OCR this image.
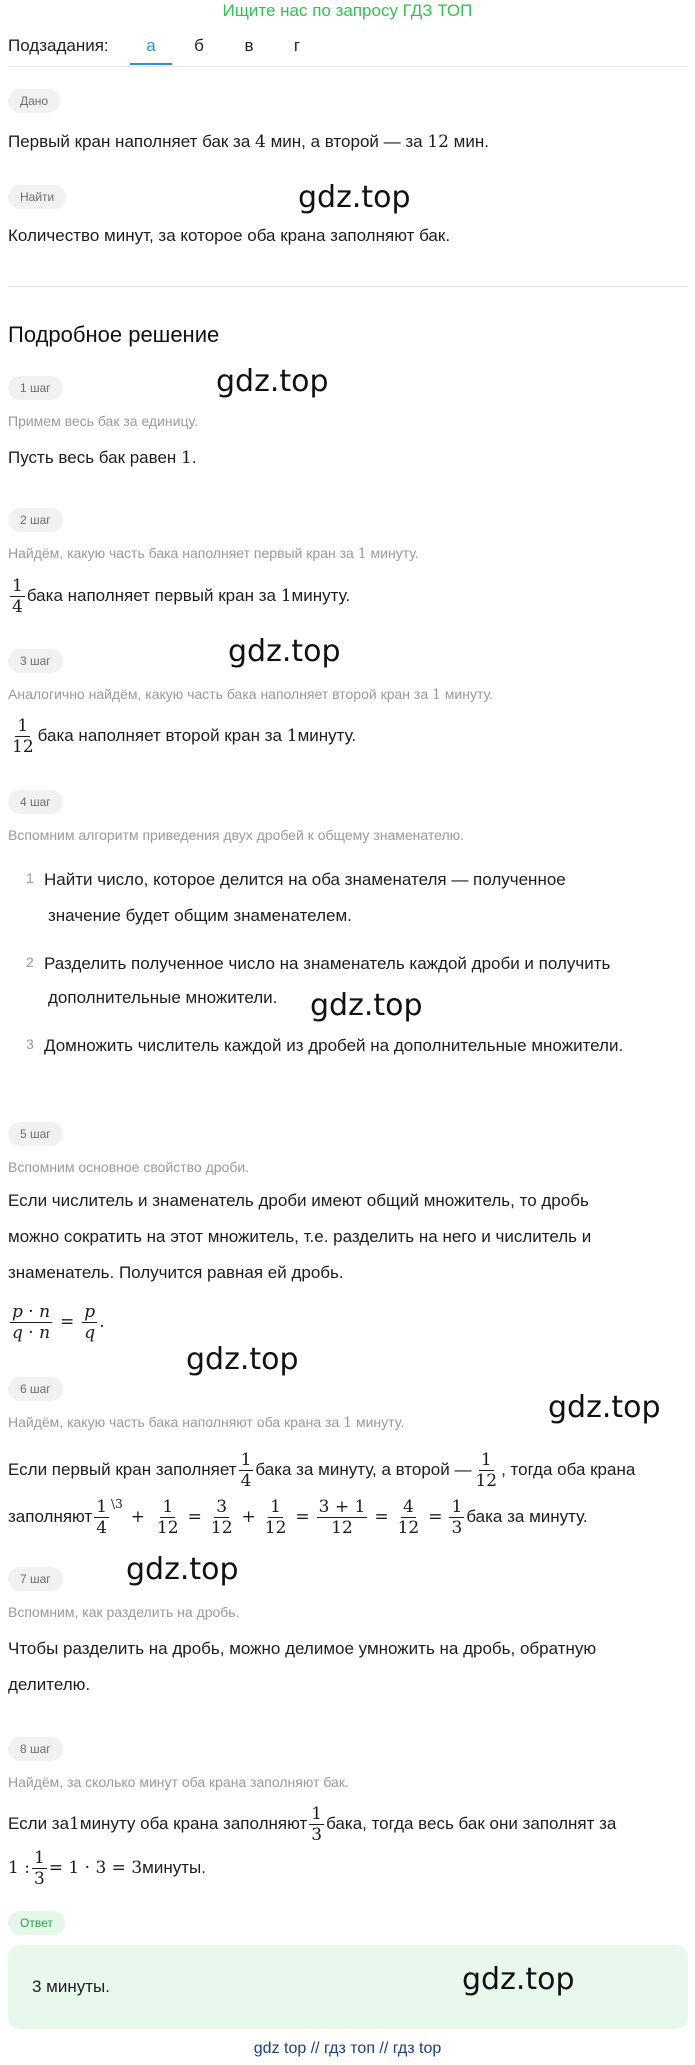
Ищите нас по запросу ГДЗ ТОП
Подзадания:	а	б	в	г
Дано
Первый кран наполняет бак за 4 мин, а второй — за 12 мин.
Найти	gdz.top
Количество минут, за которое оба крана заполняют бак.
Подробное решение
1 шаг	gdz.top
Примем весь бак за единицу.
Пусть весь бак равен 1.
2 шаг
Найдём, какую часть бака наполняет первый кран за 1 минуту.
$\frac{1}{4}$ бака наполняет первый кран за
1 минуту.
3 шаг	gdz.top
Аналогично найдём, какую часть бака наполняет второй кран за 1 минуту.
$\frac{1}{12}$ бака наполняет второй кран за
1 минуту.
4 шаг
Вспомним алгоритм приведения двух дробей к общему знаменателю.
1 Найти число, которое делится на оба знаменателя — полученное
значение будет общим знаменателем.
2 Разделить полученное число на знаменатель каждой дроби и получить
дополнительные множители.	gdz.top
3 Домножить числитель каждой из дробей на дополнительные множители.
5 шаг
Вспомним основное свойство дроби.
Если числитель и знаменатель дроби имеют общий множитель, то дробь
можно сократить на этот множитель, т.е. разделить на него и числитель и
знаменатель. Получится равная ей дробь.
$\frac{p \cdot n}{q \cdot n} = \frac{p}{q}$ .
gdz.top
gdz.top
6 шаг
Найдём, какую часть бака наполняют оба крана за 1 минуту.
Если первый кран заполняет $\frac{1}{4}$ бака за минуту, а второй — $\frac{1}{12}$ , тогда оба крана
заполняют $\frac{1}{4}$ \3
+ $\frac{1}{12} = \frac{3}{12} + \frac{1}{12} = \frac{3 + 1}{12} = \frac{4}{12} = \frac{1}{3}$ бака за минуту.
gdz.top
7 шаг
Вспомним, как разделить на дробь.
Чтобы разделить на дробь, можно делимое умножить на дробь, обратную
делителю.
8 шаг
Найдём, за сколько минут оба крана заполняют бак.
Если за 1 минуту оба крана заполняют $\frac{1}{3}$ бака, тогда весь бак они заполнят за
1 : $\frac{1}{3} = 1 \cdot 3 = 3$ минуты.
Ответ
3 минуты.	gdz.top
gdz top // гдз топ // гдз top
